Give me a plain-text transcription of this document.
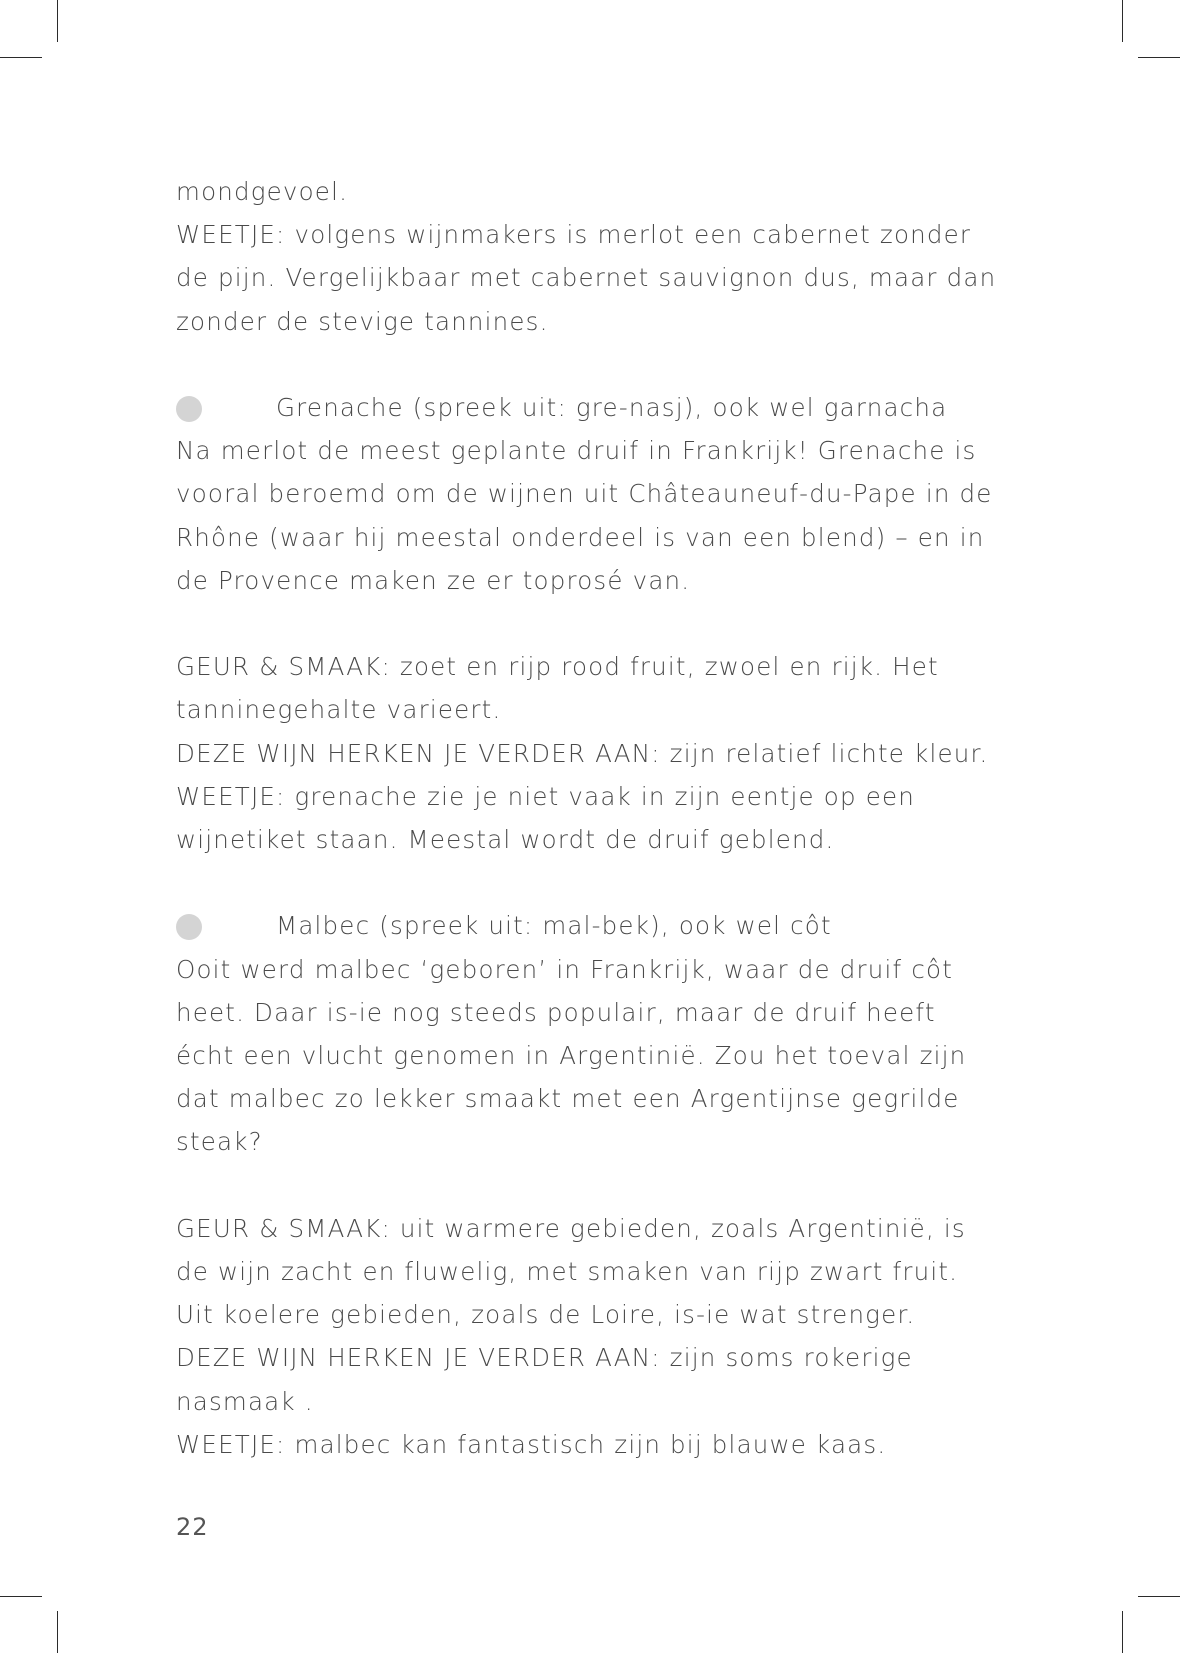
mondgevoel.

WEETJE: volgens wijnmakers is merlot een cabernet zonder de pijn. Vergelijkbaar met cabernet sauvignon dus, maar dan zonder de stevige tannines.

Grenache (spreek uit: gre-nasj), ook wel garnacha

Na merlot de meest geplante druif in Frankrijk! Grenache is vooral beroemd om de wijnen uit Châteauneuf-du-Pape in de Rhône (waar hij meestal onderdeel is van een blend) – en in de Provence maken ze er toprosé van.

GEUR & SMAAK: zoet en rijp rood fruit, zwoel en rijk. Het tanninegehalte varieert.

DEZE WIJN HERKEN JE VERDER AAN: zijn relatief lichte kleur.

WEETJE: grenache zie je niet vaak in zijn eentje op een wijnetiket staan. Meestal wordt de druif geblend.

Malbec (spreek uit: mal-bek), ook wel côt

Ooit werd malbec ‘geboren’ in Frankrijk, waar de druif côt heet. Daar is-ie nog steeds populair, maar de druif heeft écht een vlucht genomen in Argentinië. Zou het toeval zijn dat malbec zo lekker smaakt met een Argentijnse gegrilde steak?

GEUR & SMAAK: uit warmere gebieden, zoals Argentinië, is de wijn zacht en fluwelig, met smaken van rijp zwart fruit. Uit koelere gebieden, zoals de Loire, is-ie wat strenger.

DEZE WIJN HERKEN JE VERDER AAN: zijn soms rokerige nasmaak .

WEETJE: malbec kan fantastisch zijn bij blauwe kaas.

22
